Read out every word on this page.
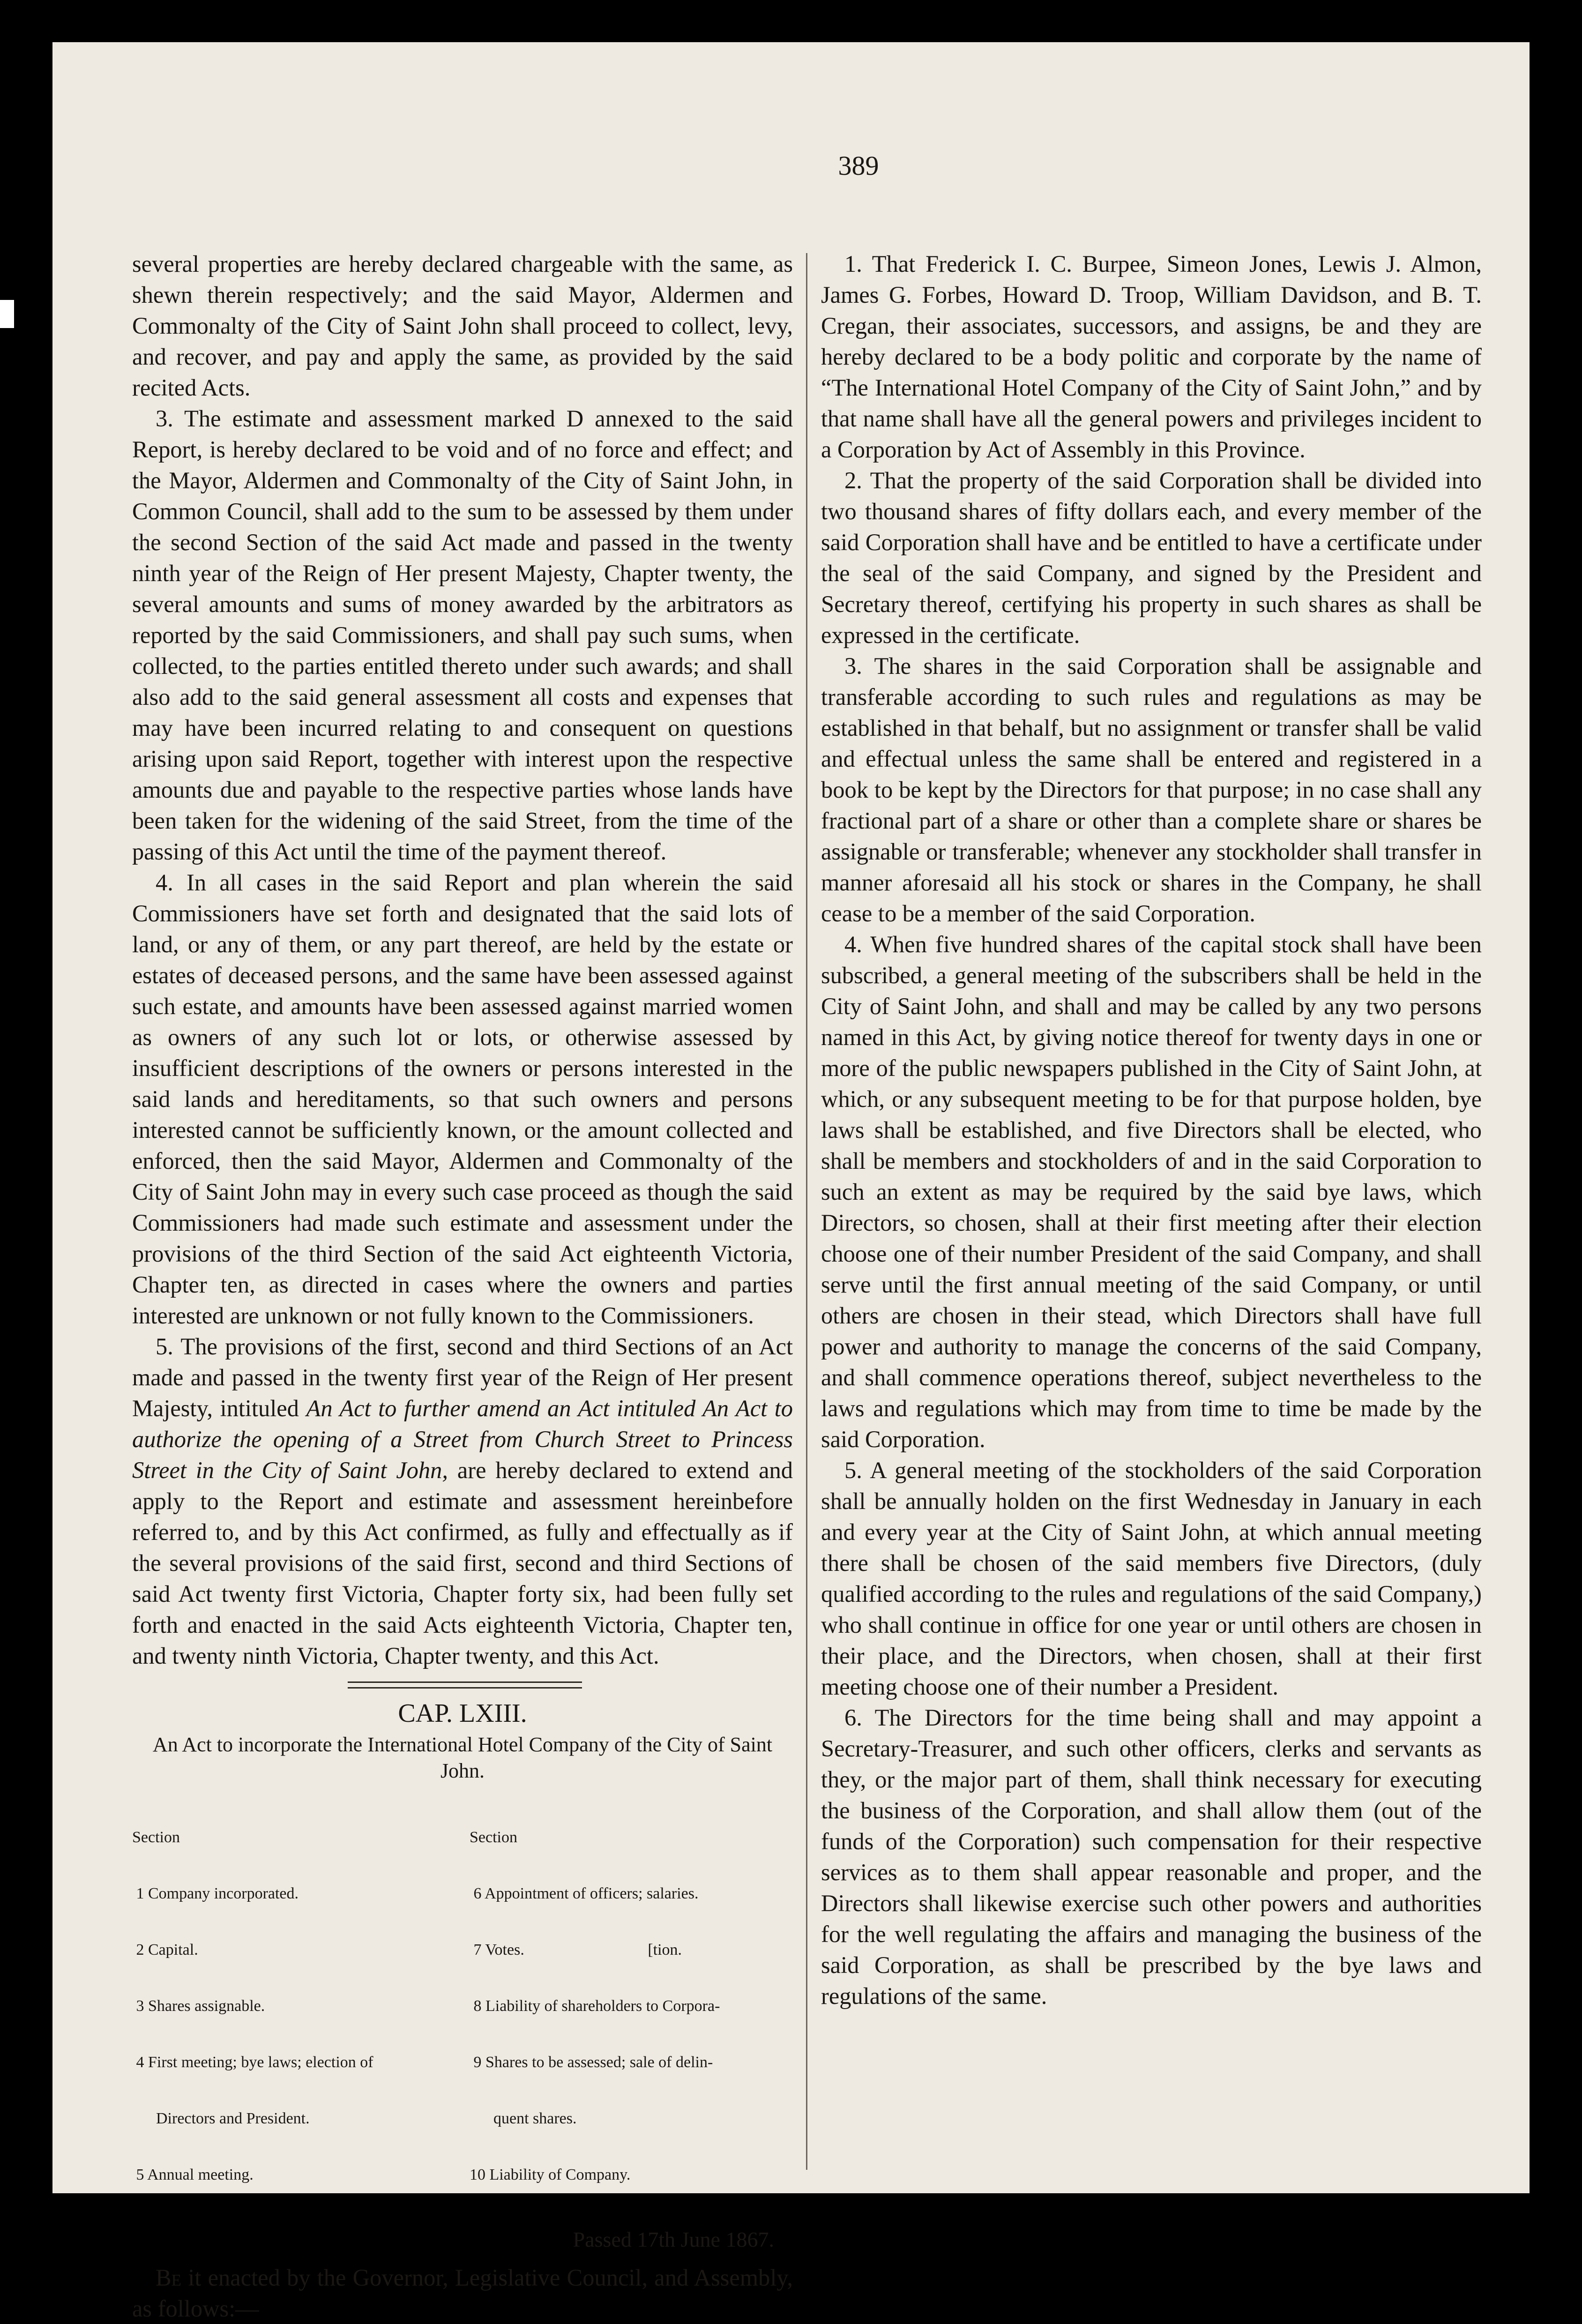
389

several properties are hereby declared chargeable with the same, as shewn therein respectively; and the said Mayor, Aldermen and Commonalty of the City of Saint John shall proceed to collect, levy, and recover, and pay and apply the same, as provided by the said recited Acts.

3. The estimate and assessment marked D annexed to the said Report, is hereby declared to be void and of no force and effect; and the Mayor, Aldermen and Commonalty of the City of Saint John, in Common Council, shall add to the sum to be assessed by them under the second Section of the said Act made and passed in the twenty ninth year of the Reign of Her present Majesty, Chapter twenty, the several amounts and sums of money awarded by the arbitrators as reported by the said Commissioners, and shall pay such sums, when collected, to the parties entitled thereto under such awards; and shall also add to the said general assessment all costs and expenses that may have been incurred relating to and consequent on questions arising upon said Report, together with interest upon the respective amounts due and payable to the respective parties whose lands have been taken for the widening of the said Street, from the time of the passing of this Act until the time of the payment thereof.

4. In all cases in the said Report and plan wherein the said Commissioners have set forth and designated that the said lots of land, or any of them, or any part thereof, are held by the estate or estates of deceased persons, and the same have been assessed against such estate, and amounts have been assessed against married women as owners of any such lot or lots, or otherwise assessed by insufficient descriptions of the owners or persons interested in the said lands and hereditaments, so that such owners and persons interested cannot be sufficiently known, or the amount collected and enforced, then the said Mayor, Aldermen and Commonalty of the City of Saint John may in every such case proceed as though the said Commissioners had made such estimate and assessment under the provisions of the third Section of the said Act eighteenth Victoria, Chapter ten, as directed in cases where the owners and parties interested are unknown or not fully known to the Commissioners.

5. The provisions of the first, second and third Sections of an Act made and passed in the twenty first year of the Reign of Her present Majesty, intituled An Act to further amend an Act intituled An Act to authorize the opening of a Street from Church Street to Princess Street in the City of Saint John, are hereby declared to extend and apply to the Report and estimate and assessment hereinbefore referred to, and by this Act confirmed, as fully and effectually as if the several provisions of the said first, second and third Sections of said Act twenty first Victoria, Chapter forty six, had been fully set forth and enacted in the said Acts eighteenth Victoria, Chapter ten, and twenty ninth Victoria, Chapter twenty, and this Act.

CAP. LXIII.
An Act to incorporate the International Hotel Company of the City of Saint John.

Section

1 Company incorporated.

2 Capital.

3 Shares assignable.

4 First meeting; bye laws; election of

Directors and President.

5 Annual meeting.

Section

6 Appointment of officers; salaries.

7 Votes.                               [tion.

8 Liability of shareholders to Corpora-

9 Shares to be assessed; sale of delin-

quent shares.

10 Liability of Company.

Passed 17th June 1867.

Be it enacted by the Governor, Legislative Council, and Assembly, as follows:—

1. That Frederick I. C. Burpee, Simeon Jones, Lewis J. Almon, James G. Forbes, Howard D. Troop, William Davidson, and B. T. Cregan, their associates, successors, and assigns, be and they are hereby declared to be a body politic and corporate by the name of “The International Hotel Company of the City of Saint John,” and by that name shall have all the general powers and privileges incident to a Corporation by Act of Assembly in this Province.

2. That the property of the said Corporation shall be divided into two thousand shares of fifty dollars each, and every member of the said Corporation shall have and be entitled to have a certificate under the seal of the said Company, and signed by the President and Secretary thereof, certifying his property in such shares as shall be expressed in the certificate.

3. The shares in the said Corporation shall be assignable and transferable according to such rules and regulations as may be established in that behalf, but no assignment or transfer shall be valid and effectual unless the same shall be entered and registered in a book to be kept by the Directors for that purpose; in no case shall any fractional part of a share or other than a complete share or shares be assignable or transferable; whenever any stockholder shall transfer in manner aforesaid all his stock or shares in the Company, he shall cease to be a member of the said Corporation.

4. When five hundred shares of the capital stock shall have been subscribed, a general meeting of the subscribers shall be held in the City of Saint John, and shall and may be called by any two persons named in this Act, by giving notice thereof for twenty days in one or more of the public newspapers published in the City of Saint John, at which, or any subsequent meeting to be for that purpose holden, bye laws shall be established, and five Directors shall be elected, who shall be members and stockholders of and in the said Corporation to such an extent as may be required by the said bye laws, which Directors, so chosen, shall at their first meeting after their election choose one of their number President of the said Company, and shall serve until the first annual meeting of the said Company, or until others are chosen in their stead, which Directors shall have full power and authority to manage the concerns of the said Company, and shall commence operations thereof, subject nevertheless to the laws and regulations which may from time to time be made by the said Corporation.

5. A general meeting of the stockholders of the said Corporation shall be annually holden on the first Wednesday in January in each and every year at the City of Saint John, at which annual meeting there shall be chosen of the said members five Directors, (duly qualified according to the rules and regulations of the said Company,) who shall continue in office for one year or until others are chosen in their place, and the Directors, when chosen, shall at their first meeting choose one of their number a President.

6. The Directors for the time being shall and may appoint a Secretary-Treasurer, and such other officers, clerks and servants as they, or the major part of them, shall think necessary for executing the business of the Corporation, and shall allow them (out of the funds of the Corporation) such compensation for their respective services as to them shall appear reasonable and proper, and the Directors shall likewise exercise such other powers and authorities for the well regulating the affairs and managing the business of the said Corporation, as shall be prescribed by the bye laws and regulations of the same.
